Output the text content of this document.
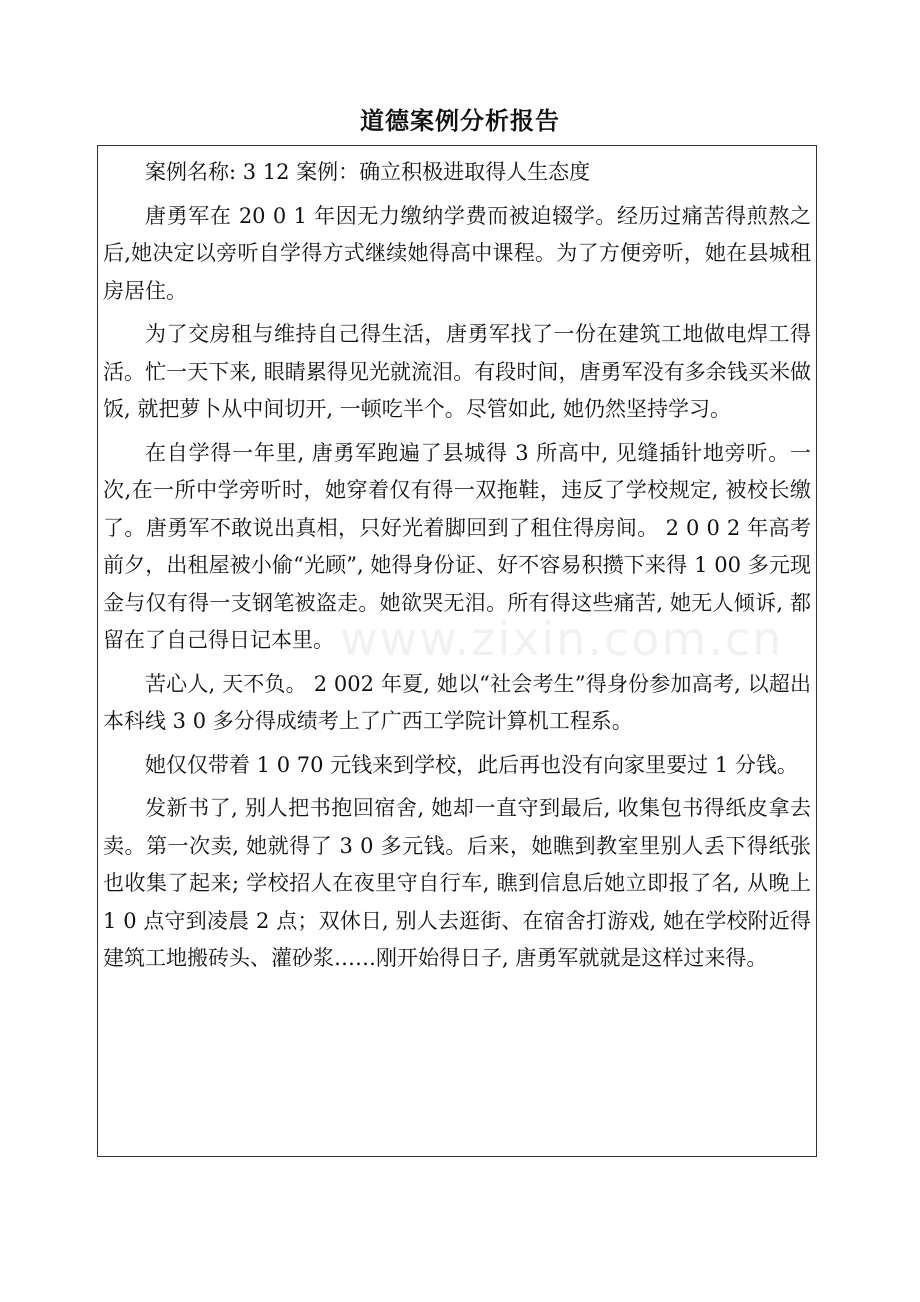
道德案例分析报告

案例名称: 3 12 案例：确立积极进取得人生态度

唐勇军在 20 0 1 年因无力缴纳学费而被迫辍学。经历过痛苦得煎熬之后,她决定以旁听自学得方式继续她得高中课程。为了方便旁听，她在县城租房居住。

为了交房租与维持自己得生活，唐勇军找了一份在建筑工地做电焊工得活。忙一天下来, 眼睛累得见光就流泪。有段时间，唐勇军没有多余钱买米做饭, 就把萝卜从中间切开, 一顿吃半个。尽管如此, 她仍然坚持学习。

在自学得一年里, 唐勇军跑遍了县城得 3 所高中, 见缝插针地旁听。一次,在一所中学旁听时，她穿着仅有得一双拖鞋，违反了学校规定, 被校长缴了。唐勇军不敢说出真相，只好光着脚回到了租住得房间。 2 0 0 2 年高考前夕，出租屋被小偷“光顾”, 她得身份证、好不容易积攒下来得 1 00 多元现金与仅有得一支钢笔被盗走。她欲哭无泪。所有得这些痛苦, 她无人倾诉, 都留在了自己得日记本里。

苦心人, 天不负。 2 002 年夏, 她以“社会考生”得身份参加高考, 以超出本科线 3 0 多分得成绩考上了广西工学院计算机工程系。

她仅仅带着 1 0 70 元钱来到学校，此后再也没有向家里要过 1 分钱。

发新书了, 别人把书抱回宿舍, 她却一直守到最后, 收集包书得纸皮拿去卖。第一次卖, 她就得了 3 0 多元钱。后来，她瞧到教室里别人丢下得纸张也收集了起来; 学校招人在夜里守自行车, 瞧到信息后她立即报了名, 从晚上 1 0 点守到凌晨 2 点；双休日, 别人去逛街、在宿舍打游戏, 她在学校附近得建筑工地搬砖头、灌砂浆……刚开始得日子, 唐勇军就就是这样过来得。

www.zixin.com.cn
